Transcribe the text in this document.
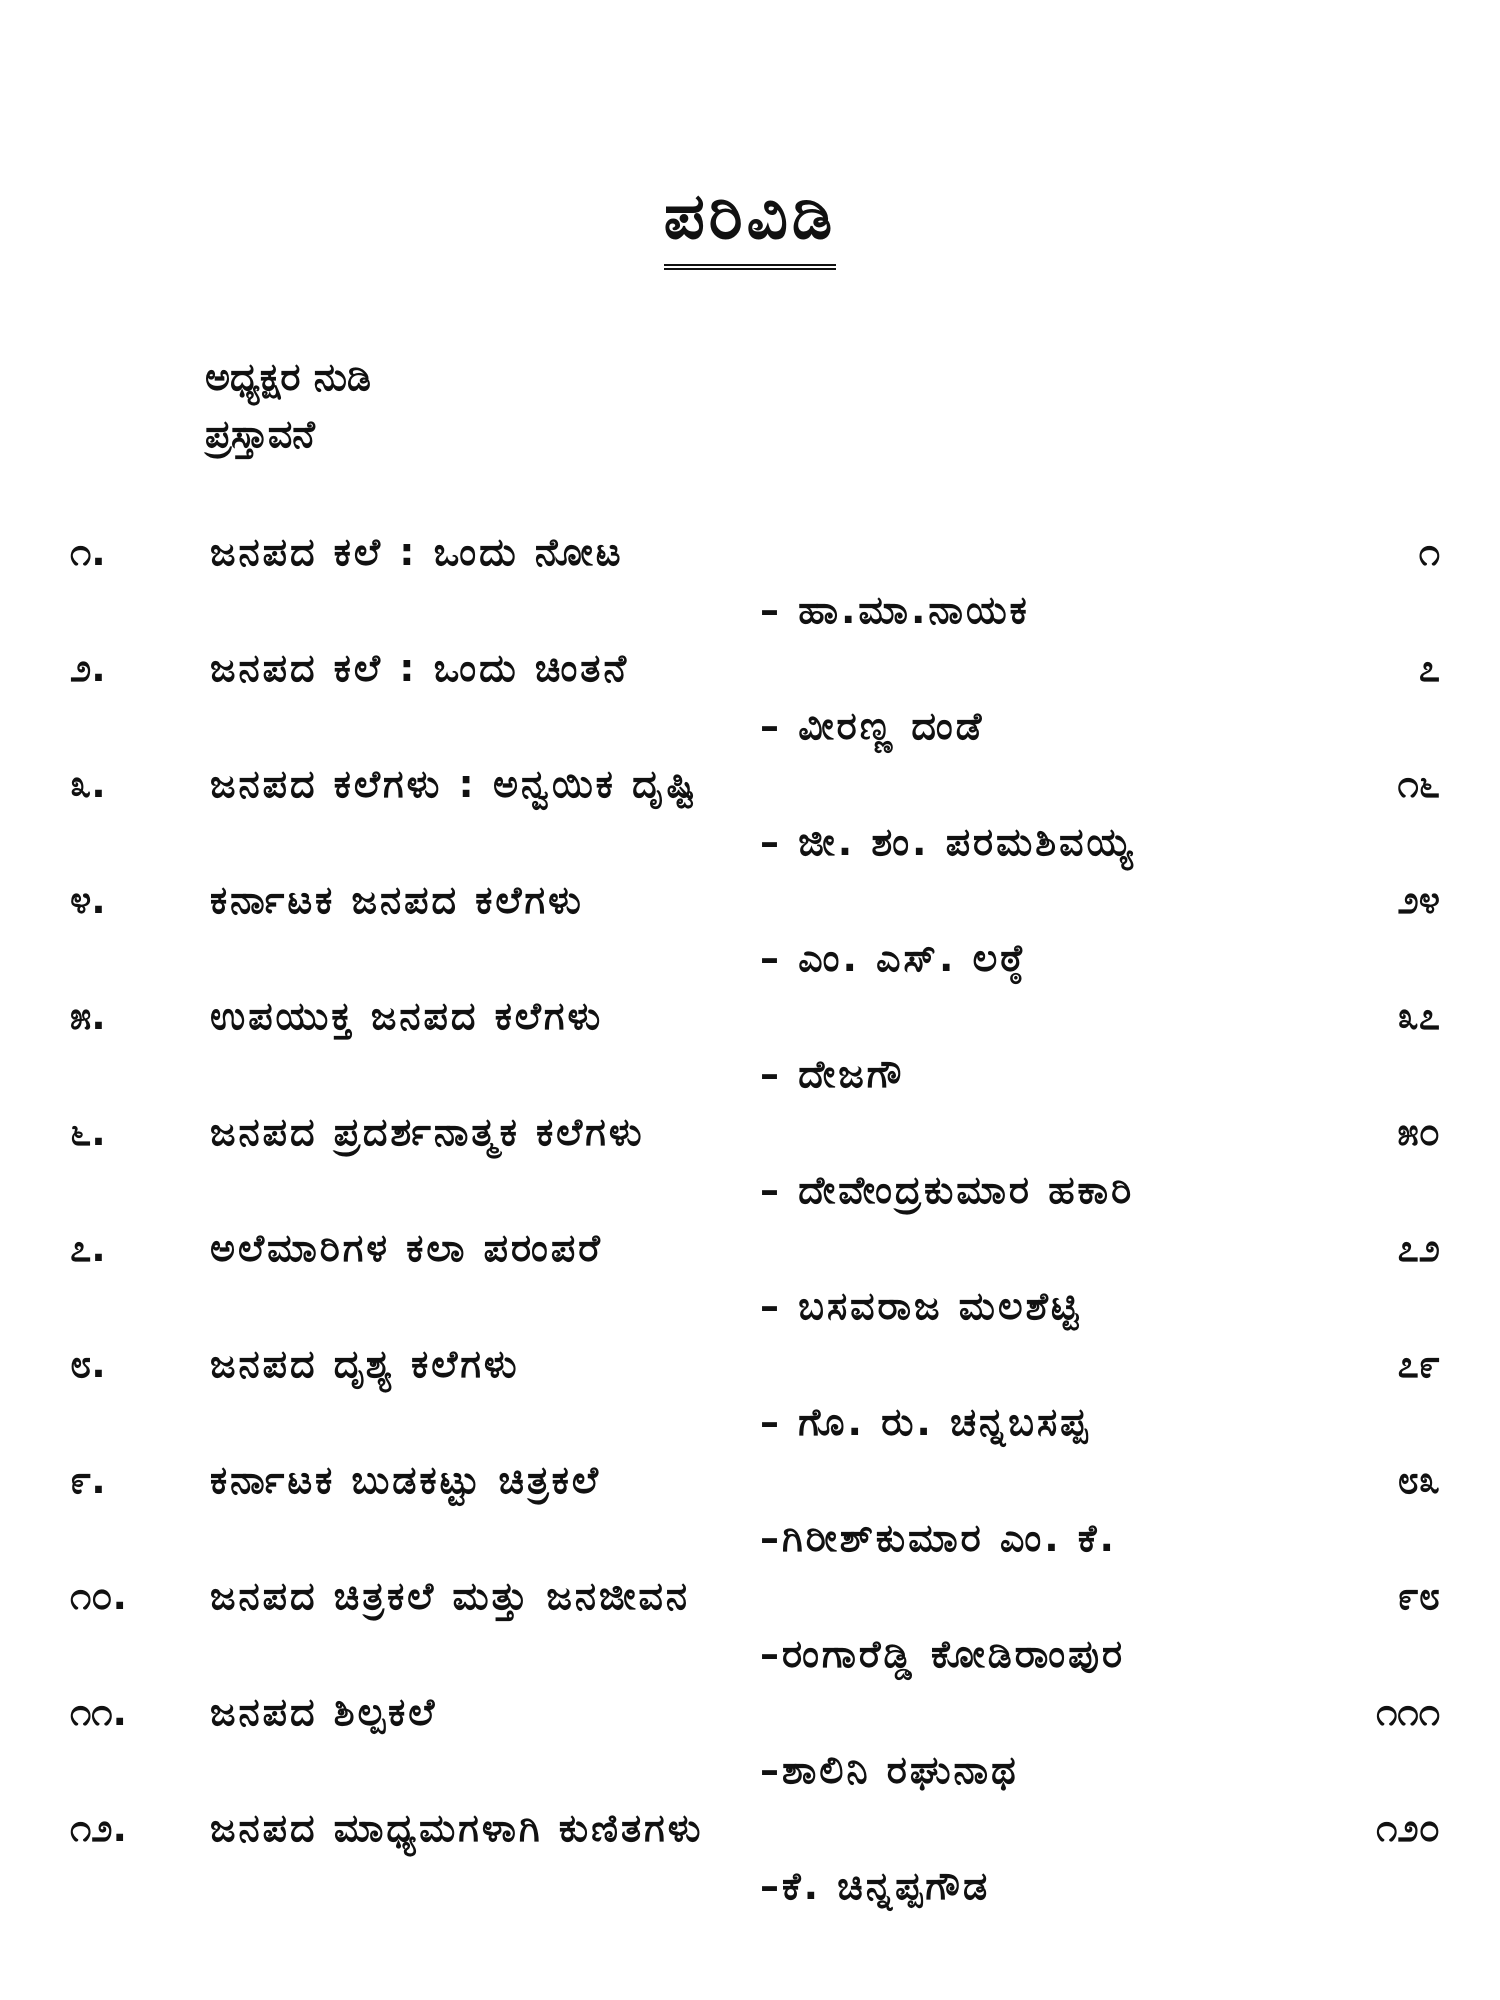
ಪರಿವಿಡಿ
ಅಧ್ಯಕ್ಷರ ನುಡಿ
ಪ್ರಸ್ತಾವನೆ
೧.	ಜನಪದ ಕಲೆ : ಒಂದು ನೋಟ	೧
– ಹಾ.ಮಾ.ನಾಯಕ
೨.	ಜನಪದ ಕಲೆ : ಒಂದು ಚಿಂತನೆ	೭
– ವೀರಣ್ಣ ದಂಡೆ
೩.	ಜನಪದ ಕಲೆಗಳು : ಅನ್ವಯಿಕ ದೃಷ್ಟಿ	೧೬
– ಜೀ. ಶಂ. ಪರಮಶಿವಯ್ಯ
೪.	ಕರ್ನಾಟಕ ಜನಪದ ಕಲೆಗಳು	೨೪
– ಎಂ. ಎಸ್. ಲಠ್ಠೆ
೫.	ಉಪಯುಕ್ತ ಜನಪದ ಕಲೆಗಳು	೩೭
– ದೇಜಗೌ
೬.	ಜನಪದ ಪ್ರದರ್ಶನಾತ್ಮಕ ಕಲೆಗಳು	೫೦
– ದೇವೇಂದ್ರಕುಮಾರ ಹಕಾರಿ
೭.	ಅಲೆಮಾರಿಗಳ ಕಲಾ ಪರಂಪರೆ	೭೨
– ಬಸವರಾಜ ಮಲಶೆಟ್ಟಿ
೮.	ಜನಪದ ದೃಶ್ಯ ಕಲೆಗಳು	೭೯
– ಗೊ. ರು. ಚನ್ನಬಸಪ್ಪ
೯.	ಕರ್ನಾಟಕ ಬುಡಕಟ್ಟು ಚಿತ್ರಕಲೆ	೮೩
–ಗಿರೀಶ್‌ಕುಮಾರ ಎಂ. ಕೆ.
೧೦. ಜನಪದ ಚಿತ್ರಕಲೆ ಮತ್ತು ಜನಜೀವನ	೯೮
–ರಂಗಾರೆಡ್ಡಿ ಕೋಡಿರಾಂಪುರ
೧೧. ಜನಪದ ಶಿಲ್ಪಕಲೆ	೧೧೧
–ಶಾಲಿನಿ ರಘುನಾಥ
೧೨. ಜನಪದ ಮಾಧ್ಯಮಗಳಾಗಿ ಕುಣಿತಗಳು	೧೨೦
–ಕೆ. ಚಿನ್ನಪ್ಪಗೌಡ
